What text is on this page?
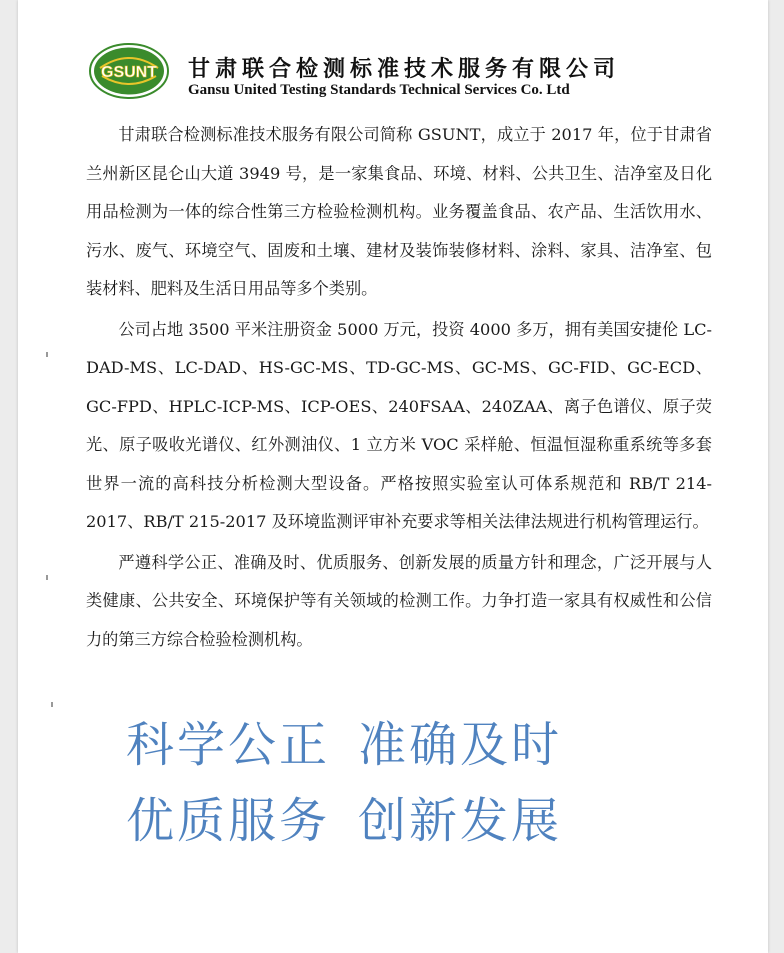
GSUNT 甘肃联合检测标准技术服务有限公司
Gansu United Testing Standards Technical Services Co. Ltd

甘肃联合检测标准技术服务有限公司简称 GSUNT，成立于 2017 年，位于甘肃省兰州新区昆仑山大道 3949 号，是一家集食品、环境、材料、公共卫生、洁净室及日化用品检测为一体的综合性第三方检验检测机构。业务覆盖食品、农产品、生活饮用水、污水、废气、环境空气、固废和土壤、建材及装饰装修材料、涂料、家具、洁净室、包装材料、肥料及生活日用品等多个类别。

公司占地 3500 平米注册资金 5000 万元，投资 4000 多万，拥有美国安捷伦 LC-DAD-MS、LC-DAD、HS-GC-MS、TD-GC-MS、GC-MS、GC-FID、GC-ECD、GC-FPD、HPLC-ICP-MS、ICP-OES、240FSAA、240ZAA、离子色谱仪、原子荧光、原子吸收光谱仪、红外测油仪、1 立方米 VOC 采样舱、恒温恒湿称重系统等多套世界一流的高科技分析检测大型设备。严格按照实验室认可体系规范和 RB/T 214-2017、RB/T 215-2017 及环境监测评审补充要求等相关法律法规进行机构管理运行。

严遵科学公正、准确及时、优质服务、创新发展的质量方针和理念，广泛开展与人类健康、公共安全、环境保护等有关领域的检测工作。力争打造一家具有权威性和公信力的第三方综合检验检测机构。

科学公正 准确及时
优质服务 创新发展
